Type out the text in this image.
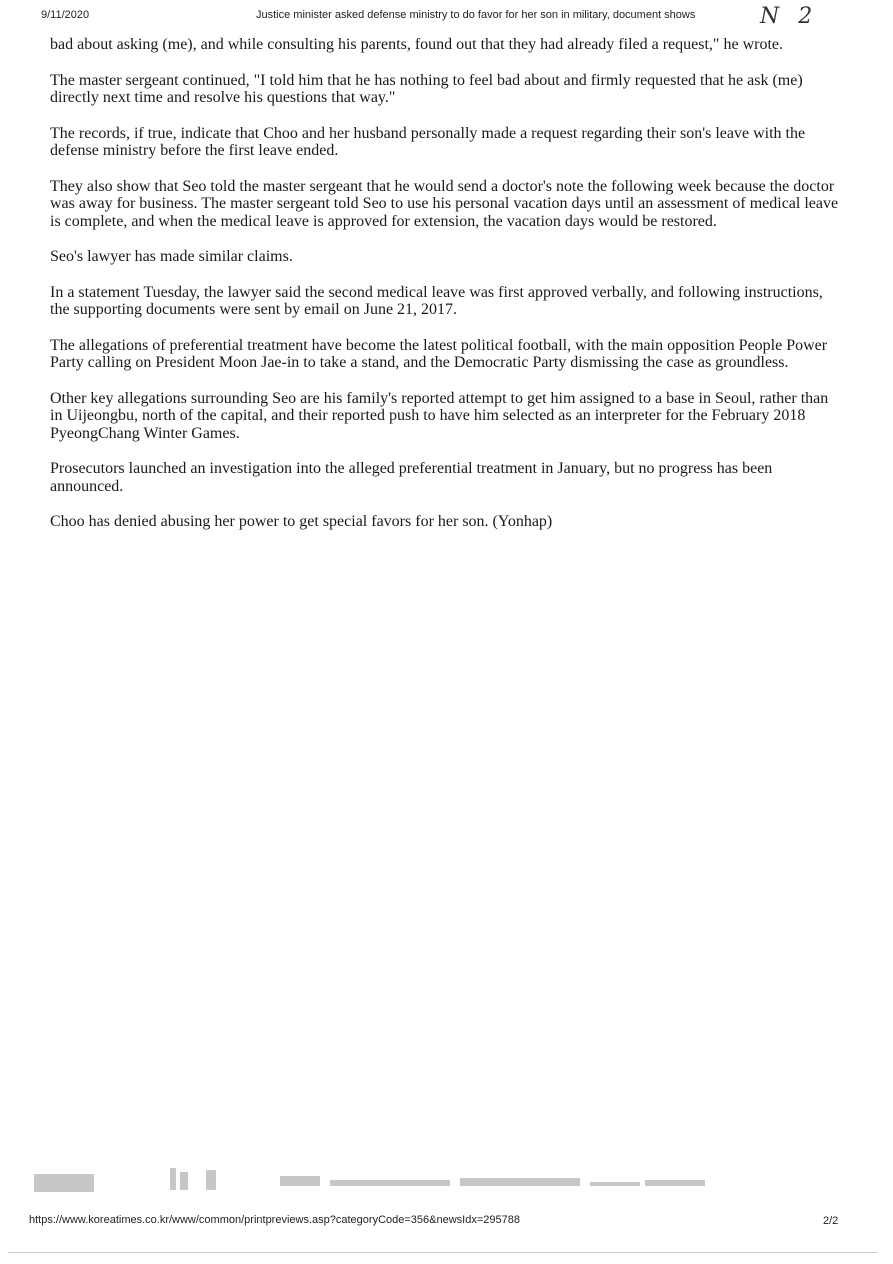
9/11/2020	Justice minister asked defense ministry to do favor for her son in military, document shows	N 2

bad about asking (me), and while consulting his parents, found out that they had already filed a request," he wrote.

The master sergeant continued, "I told him that he has nothing to feel bad about and firmly requested that he ask (me) directly next time and resolve his questions that way."

The records, if true, indicate that Choo and her husband personally made a request regarding their son's leave with the defense ministry before the first leave ended.

They also show that Seo told the master sergeant that he would send a doctor's note the following week because the doctor was away for business. The master sergeant told Seo to use his personal vacation days until an assessment of medical leave is complete, and when the medical leave is approved for extension, the vacation days would be restored.

Seo's lawyer has made similar claims.

In a statement Tuesday, the lawyer said the second medical leave was first approved verbally, and following instructions, the supporting documents were sent by email on June 21, 2017.

The allegations of preferential treatment have become the latest political football, with the main opposition People Power Party calling on President Moon Jae-in to take a stand, and the Democratic Party dismissing the case as groundless.

Other key allegations surrounding Seo are his family's reported attempt to get him assigned to a base in Seoul, rather than in Uijeongbu, north of the capital, and their reported push to have him selected as an interpreter for the February 2018 PyeongChang Winter Games.

Prosecutors launched an investigation into the alleged preferential treatment in January, but no progress has been announced.

Choo has denied abusing her power to get special favors for her son. (Yonhap)

https://www.koreatimes.co.kr/www/common/printpreviews.asp?categoryCode=356&newsIdx=295788	2/2
